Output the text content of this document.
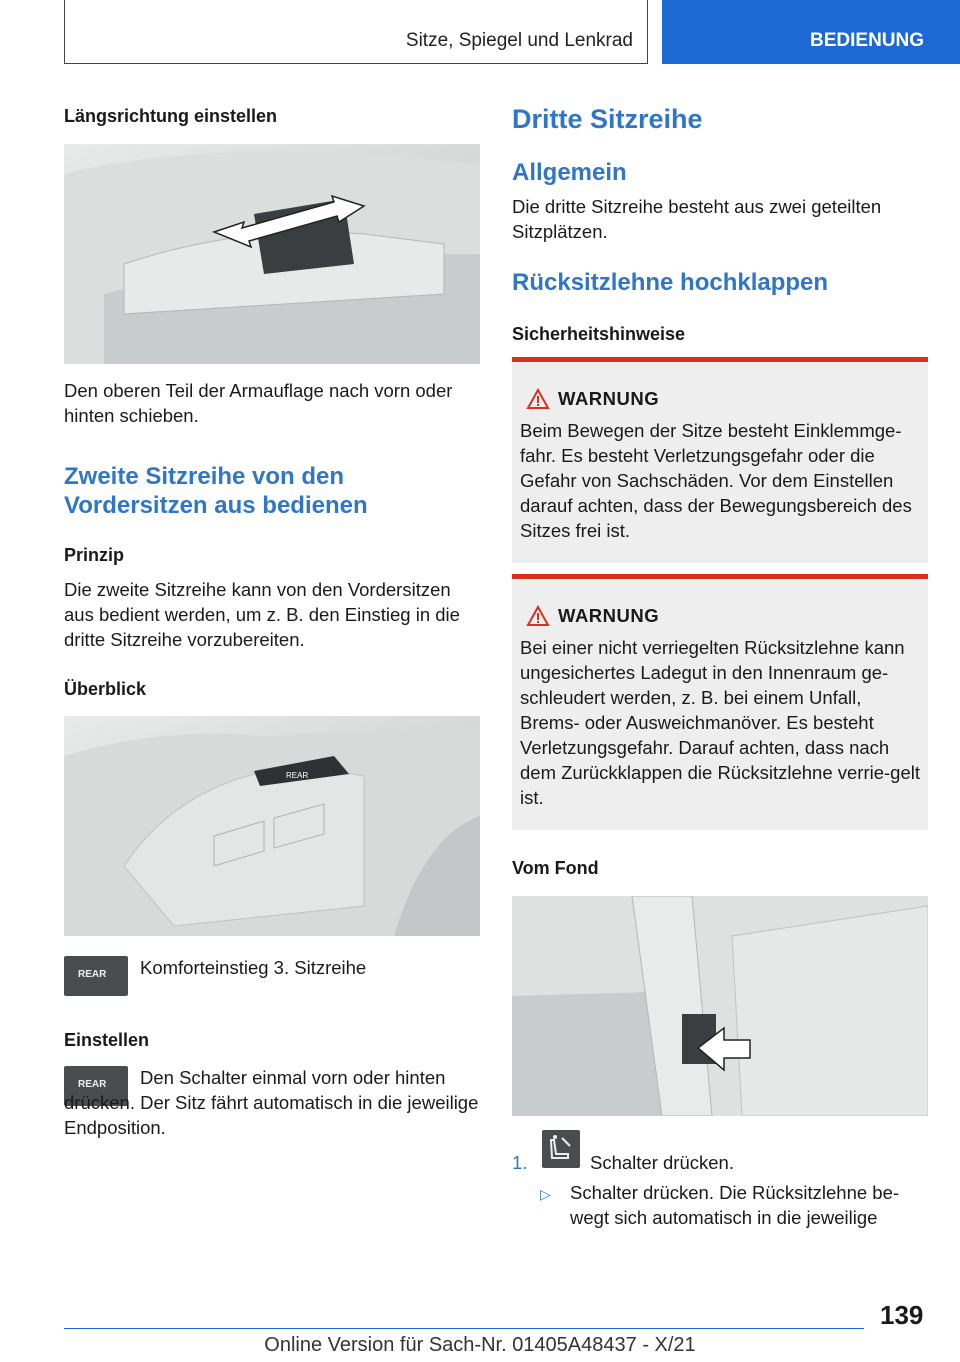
Sitze, Spiegel und Lenkrad	BEDIENUNG
Längsrichtung einstellen
Den oberen Teil der Armauflage nach vorn oder hinten schieben.
Zweite Sitzreihe von den Vordersitzen aus bedienen
Prinzip
Die zweite Sitzreihe kann von den Vordersitzen aus bedient werden, um z. B. den Einstieg in die dritte Sitzreihe vorzubereiten.
Überblick
REAR
REAR Komforteinstieg 3. Sitzreihe
Einstellen
REAR	Den Schalter einmal vorn oder hinten drücken. Der Sitz fährt automatisch in die jeweilige Endposition.
Dritte Sitzreihe
Allgemein
Die dritte Sitzreihe besteht aus zwei geteilten Sitzplätzen.
Rücksitzlehne hochklappen
Sicherheitshinweise
WARNUNG
Beim Bewegen der Sitze besteht Einklemmge-fahr. Es besteht Verletzungsgefahr oder die Gefahr von Sachschäden. Vor dem Einstellen darauf achten, dass der Bewegungsbereich des Sitzes frei ist.
WARNUNG
Bei einer nicht verriegelten Rücksitzlehne kann ungesichertes Ladegut in den Innenraum ge-schleudert werden, z. B. bei einem Unfall, Brems- oder Ausweichmanöver. Es besteht Verletzungsgefahr. Darauf achten, dass nach dem Zurückklappen die Rücksitzlehne verrie-gelt ist.
Vom Fond
1.	Schalter drücken.
▷ Schalter drücken. Die Rücksitzlehne be-wegt sich automatisch in die jeweilige
139
Online Version für Sach-Nr. 01405A48437 - X/21
